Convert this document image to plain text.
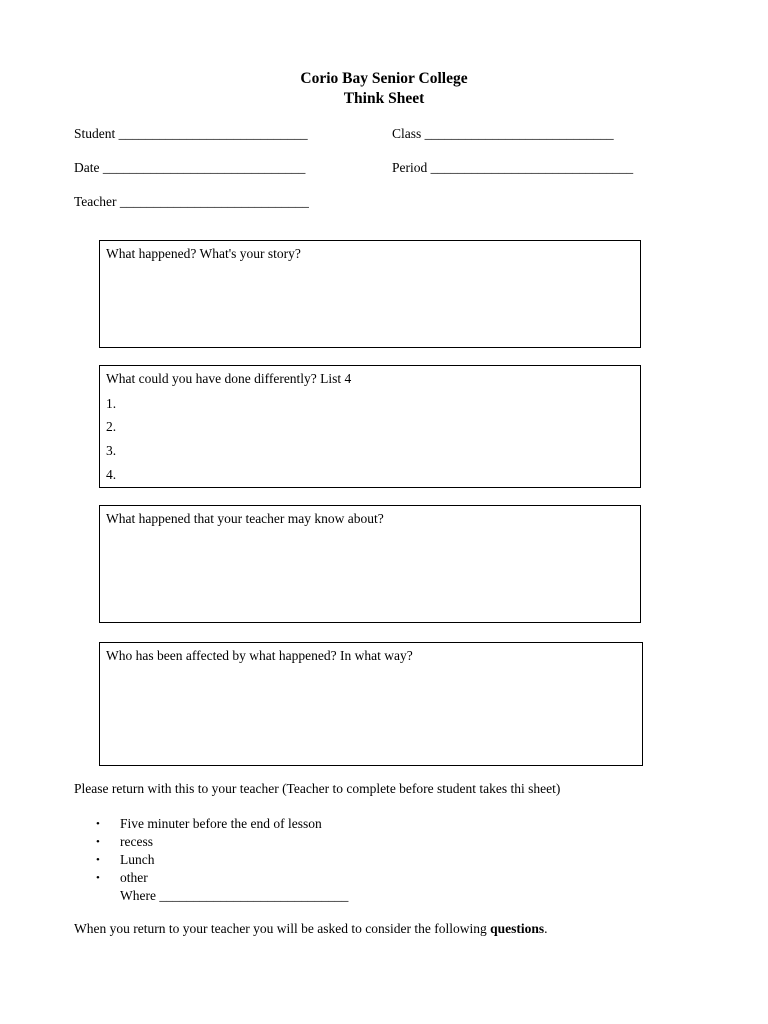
Corio Bay Senior College
Think Sheet
Student ____________________________	Class ____________________________
Date ______________________________	Period ______________________________
Teacher ____________________________
What happened? What's your story?
What could you have done differently? List 4
1.
2.
3.
4.
What happened that your teacher may know about?
Who has been affected by what happened? In what way?
Please return with this to your teacher (Teacher to complete before student takes thi sheet)
•	Five minuter before the end of lesson
•	recess
•	Lunch
•	other
Where ____________________________
When you return to your teacher you will be asked to consider the following questions.
